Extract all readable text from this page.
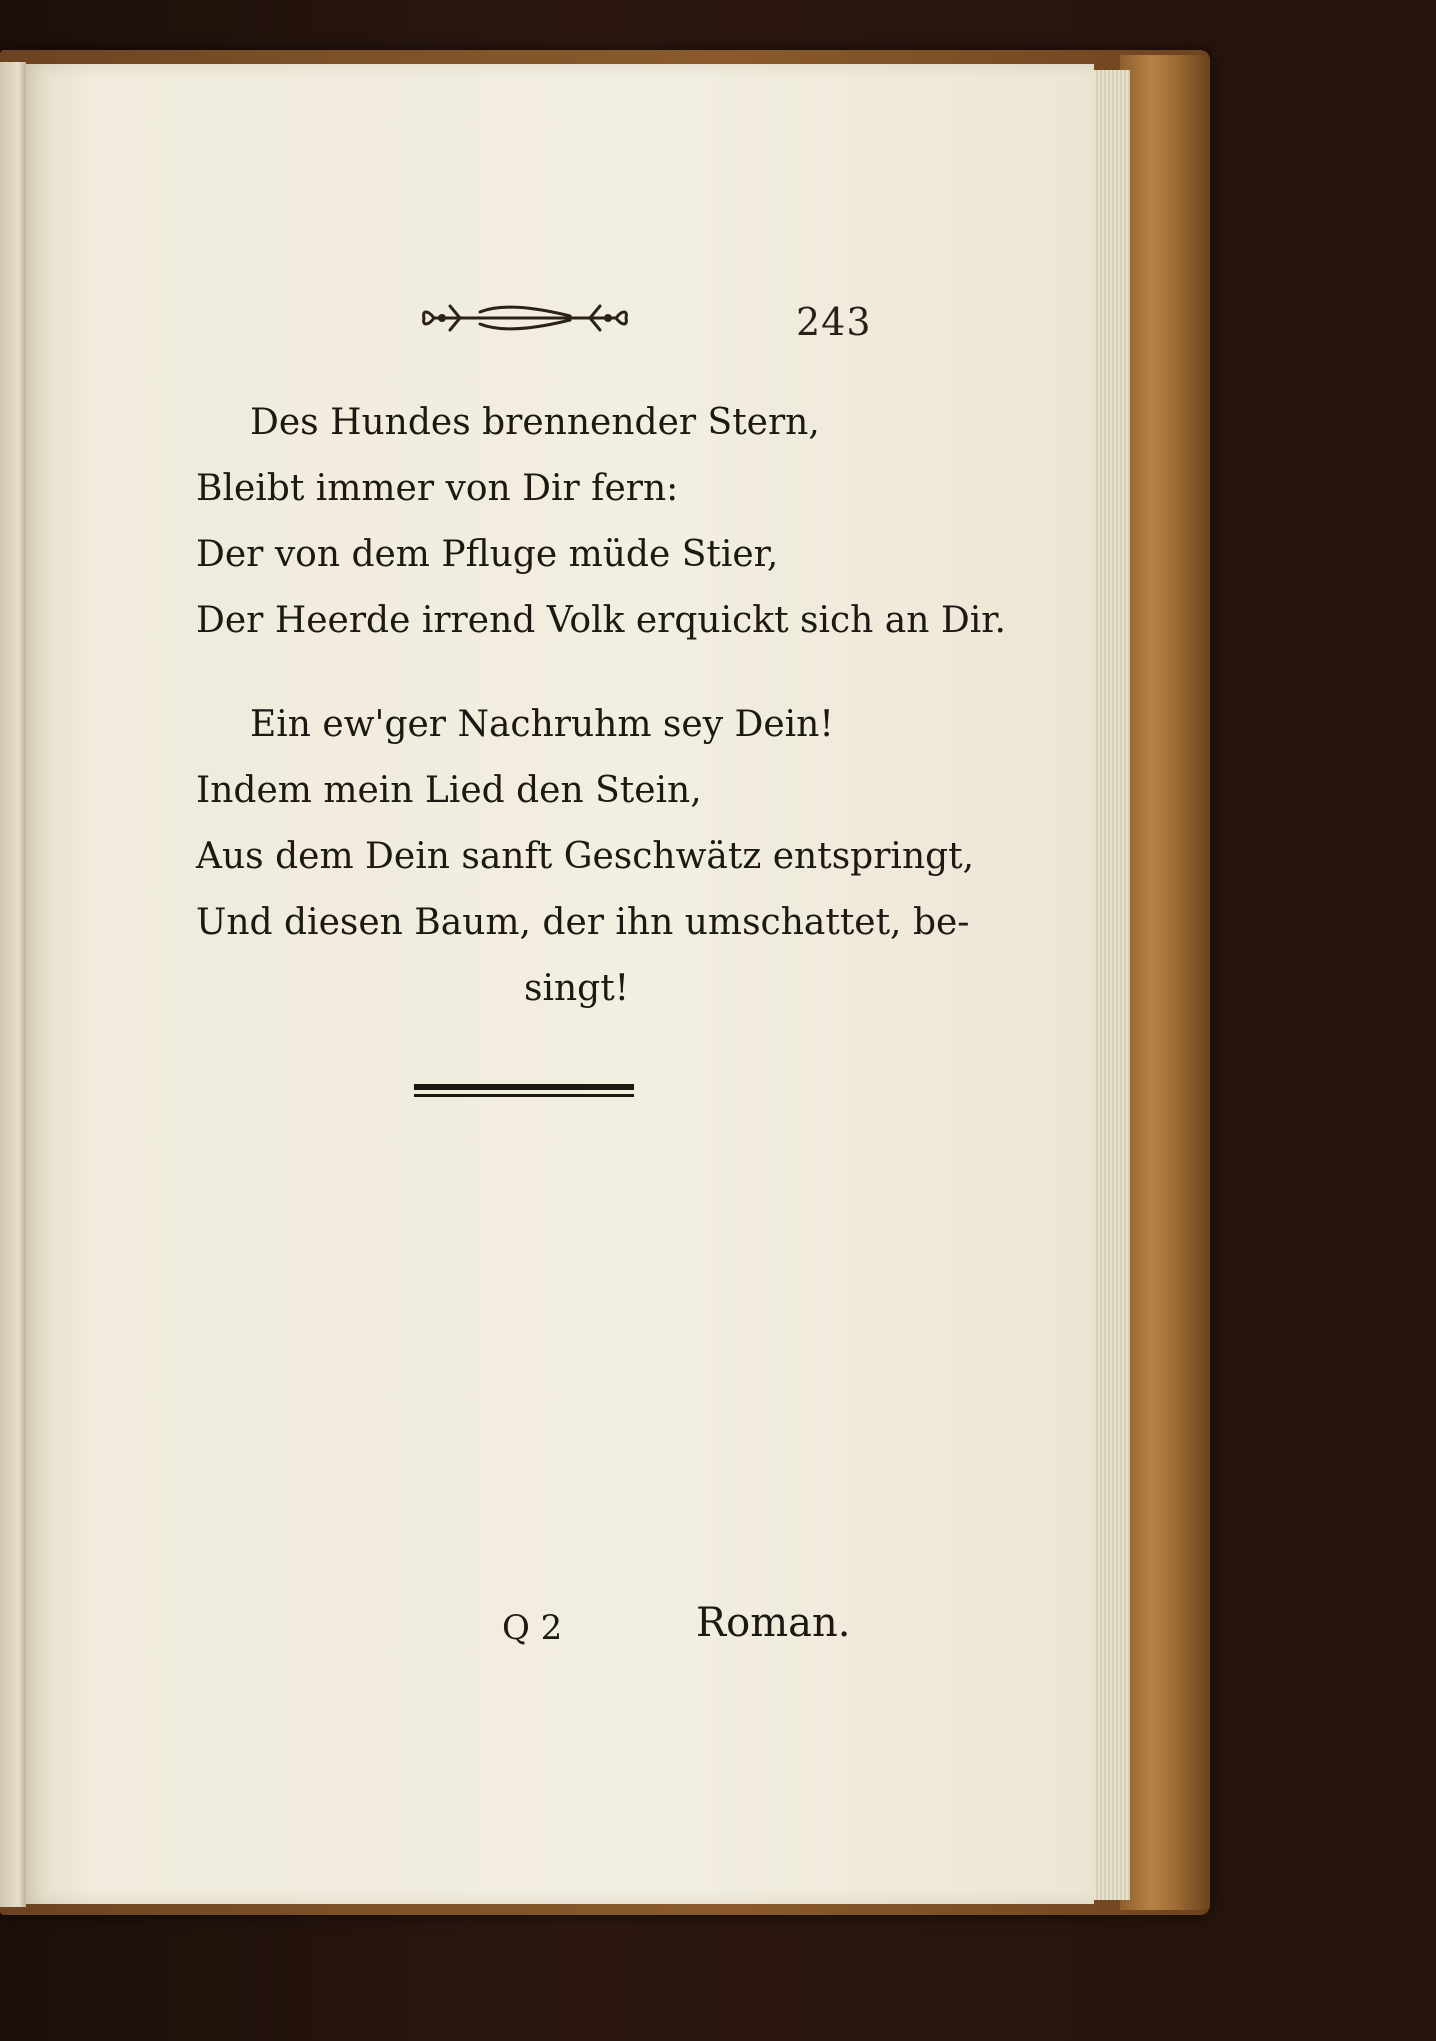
243
Des Hundes brennender Stern,
Bleibt immer von Dir fern:
Der von dem Pfluge müde Stier,
Der Heerde irrend Volk erquickt sich an Dir.
Ein ew'ger Nachruhm sey Dein!
Indem mein Lied den Stein,
Aus dem Dein sanft Geschwätz entspringt,
Und diesen Baum, der ihn umschattet, be-
singt!
Q 2	Roman.
